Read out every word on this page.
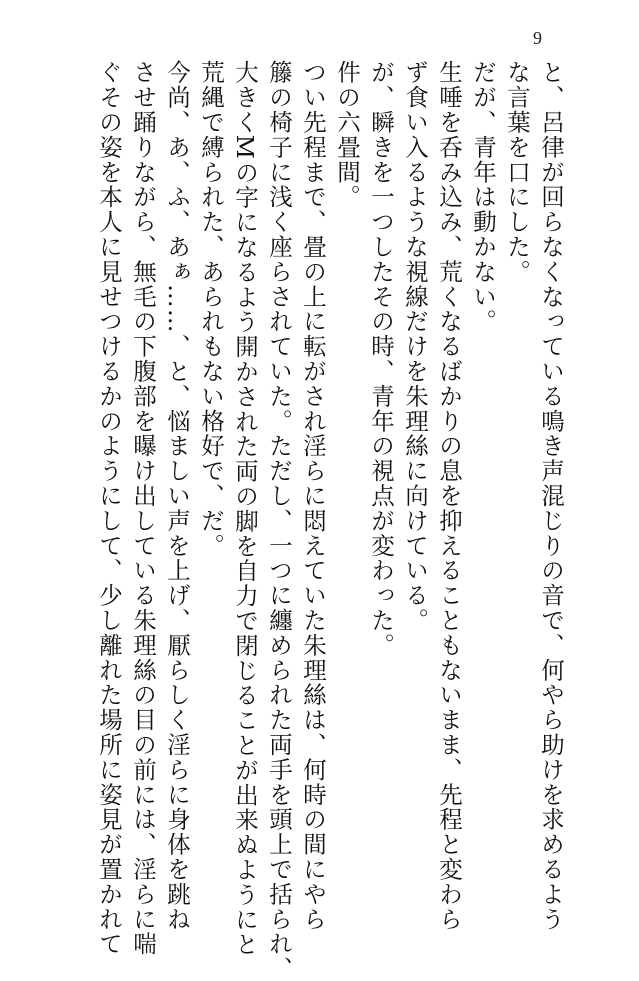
9
と、呂律が回らなくなっている鳴き声混じりの音で、何やら助けを求めるよう
な言葉を口にした。
だが、青年は動かない。
生唾を呑み込み、荒くなるばかりの息を抑えることもないまま、先程と変わら
ず食い入るような視線だけを朱理絲に向けている。
が、瞬きを一つしたその時、青年の視点が変わった。
件の六畳間。
つい先程まで、畳の上に転がされ淫らに悶えていた朱理絲は、何時の間にやら
籐の椅子に浅く座らされていた。ただし、一つに纏められた両手を頭上で括られ、
大きくMの字になるよう開かされた両の脚を自力で閉じることが出来ぬようにと
荒縄で縛られた、あられもない格好で、だ。
今尚、あ、ふ、あぁ……、と、悩ましい声を上げ、厭らしく淫らに身体を跳ね
させ踊りながら、無毛の下腹部を曝け出している朱理絲の目の前には、淫らに喘
ぐその姿を本人に見せつけるかのようにして、少し離れた場所に姿見が置かれて
